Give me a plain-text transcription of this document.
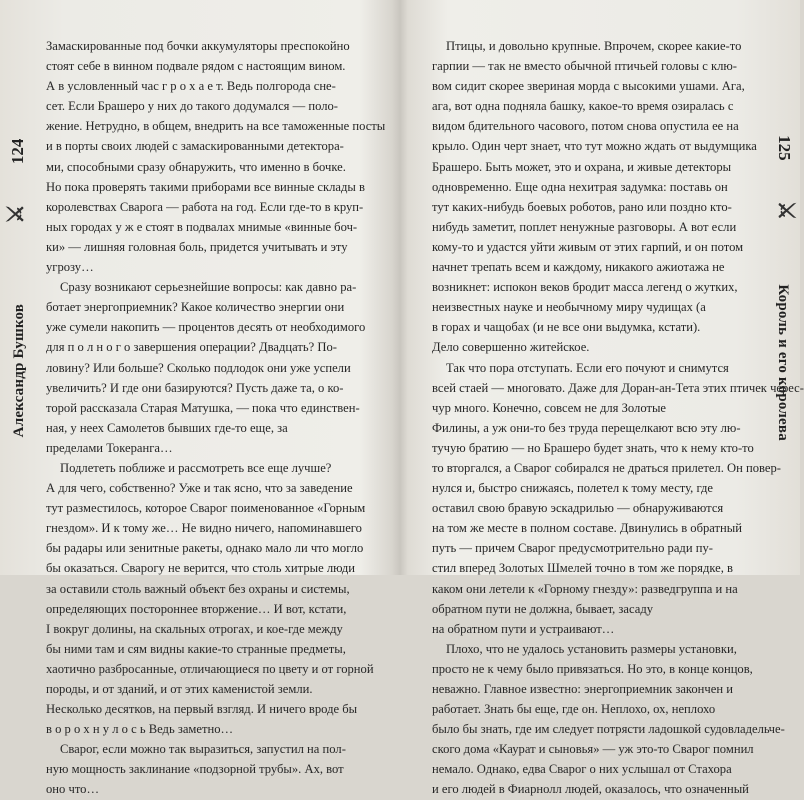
Александр Бушков                    ⚔          124
Замаскированные под бочки аккумуляторы преспокойно
стоят себе в винном подвале рядом с настоящим вином.
А в условленный час г р о х а е т. Ведь полгорода сне-
сет. Если Брашеро у них до такого додумался — поло-
жение. Нетрудно, в общем, внедрить на все таможенные посты
и в порты своих людей с замаскированными детектора-
ми, способными сразу обнаружить, что именно в бочке.
Но пока проверять такими приборами все винные склады в
королевствах Сварога — работа на год. Если где-то в круп-
ных городах у ж е стоят в подвалах мнимые «винные боч-
ки» — лишняя головная боль, придется учитывать и эту
угрозу…
Сразу возникают серьезнейшие вопросы: как давно ра-
ботает энергоприемник? Какое количество энергии они
уже сумели накопить — процентов десять от необходимого
для п о л н о г о завершения операции? Двадцать? По-
ловину? Или больше? Сколько подлодок они уже успели
увеличить? И где они базируются? Пусть даже та, о ко-
торой рассказала Старая Матушка, — пока что единствен-
ная, у неех Самолетов бывших где-то еще, за
пределами Токеранга…
Подлететь поближе и рассмотреть все еще лучше?
А для чего, собственно? Уже и так ясно, что за заведение
тут разместилось, которое Сварог поименованное «Горным
гнездом». И к тому же… Не видно ничего, напоминавшего
бы радары или зенитные ракеты, однако мало ли что могло
бы оказаться. Сварогу не верится, что столь хитрые люди
за оставили столь важный объект без охраны и системы,
определяющих постороннее вторжение… И вот, кстати,
I вокруг долины, на скальных отрогах, и кое-где между
бы ними там и сям видны какие-то странные предметы,
хаотично разбросанные, отличающиеся по цвету и от горной
породы, и от зданий, и от этих каменистой земли.
Несколько десятков, на первый взгляд. И ничего вроде бы
в о р о х н у л о с ь Ведь заметно…
Сварог, если можно так выразиться, запустил на пол-
ную мощность заклинание «подзорной трубы». Ах, вот
оно что…
Птицы, и довольно крупные. Впрочем, скорее какие-то
гарпии — так не вместо обычной птичьей головы с клю-
вом сидит скорее звериная морда с высокими ушами. Ага,
ага, вот одна подняла башку, какое-то время озиралась с
видом бдительного часового, потом снова опустила ее на
крыло. Один черт знает, что тут можно ждать от выдумщика
Брашеро. Быть может, это и охрана, и живые детекторы
одновременно. Еще одна нехитрая задумка: поставь он
тут каких-нибудь боевых роботов, рано или поздно кто-
нибудь заметит, поплет ненужные разговоры. А вот если
кому-то и удастся уйти живым от этих гарпий, и он потом
начнет трепать всем и каждому, никакого ажиотажа не
возникнет: испокон веков бродит масса легенд о жутких,
неизвестных науке и необычному миру чудищах (а
в горах и чащобах (и не все они выдумка, кстати).
Дело совершенно житейское.
Так что пора отступать. Если его почуют и снимутся
всей стаей — многовато. Даже для Доран-ан-Тета этих птичек черес-
чур много. Конечно, совсем не для Золотые
Филины, а уж они-то без труда перещелкают всю эту лю-
тучую братию — но Брашеро будет знать, что к нему кто-то
то вторгался, а Сварог собирался не драться прилетел. Он повер-
нулся и, быстро снижаясь, полетел к тому месту, где
оставил свою бравую эскадрилью — обнаруживаются
на том же месте в полном составе. Двинулись в обратный
путь — причем Сварог предусмотрительно ради пу-
стил вперед Золотых Шмелей точно в том же порядке, в
каком они летели к «Горному гнезду»: разведгруппа и на
обратном пути не должна, бывает, засаду
на обратном пути и устраивают…
Плохо, что не удалось установить размеры установки,
просто не к чему было привязаться. Но это, в конце концов,
неважно. Главное известно: энергоприемник закончен и
работает. Знать бы еще, где он. Неплохо, ох, неплохо
было бы знать, где им следует потрясти ладошкой судовладельче-
ского дома «Каурат и сыновья» — уж это-то Сварог помнил
немало. Однако, едва Сварог о них услышал от Стахора
и его людей в Фиарнолл людей, оказалось, что означенный
125          ⚔                Король и его королева
